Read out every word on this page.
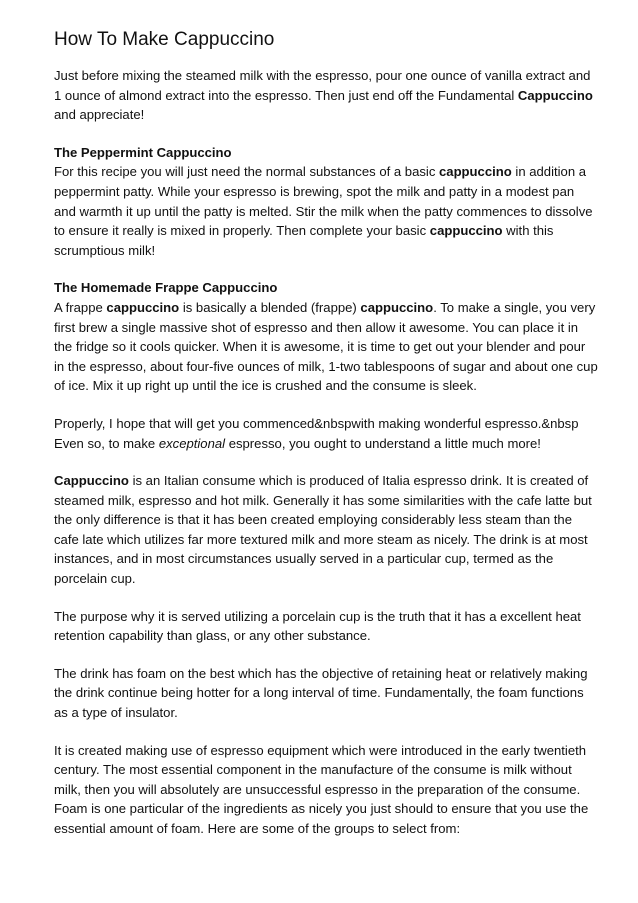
How To Make Cappuccino

Just before mixing the steamed milk with the espresso, pour one ounce of vanilla extract and 1 ounce of almond extract into the espresso. Then just end off the Fundamental Cappuccino and appreciate!

The Peppermint Cappuccino
For this recipe you will just need the normal substances of a basic cappuccino in addition a peppermint patty. While your espresso is brewing, spot the milk and patty in a modest pan and warmth it up until the patty is melted. Stir the milk when the patty commences to dissolve to ensure it really is mixed in properly. Then complete your basic cappuccino with this scrumptious milk!

The Homemade Frappe Cappuccino
A frappe cappuccino is basically a blended (frappe) cappuccino. To make a single, you very first brew a single massive shot of espresso and then allow it awesome. You can place it in the fridge so it cools quicker. When it is awesome, it is time to get out your blender and pour in the espresso, about four-five ounces of milk, 1-two tablespoons of sugar and about one cup of ice. Mix it up right up until the ice is crushed and the consume is sleek.

Properly, I hope that will get you commenced&nbspwith making wonderful espresso.&nbsp Even so, to make exceptional espresso, you ought to understand a little much more!

Cappuccino is an Italian consume which is produced of Italia espresso drink. It is created of steamed milk, espresso and hot milk. Generally it has some similarities with the cafe latte but the only difference is that it has been created employing considerably less steam than the cafe late which utilizes far more textured milk and more steam as nicely. The drink is at most instances, and in most circumstances usually served in a particular cup, termed as the porcelain cup.

The purpose why it is served utilizing a porcelain cup is the truth that it has a excellent heat retention capability than glass, or any other substance.

The drink has foam on the best which has the objective of retaining heat or relatively making the drink continue being hotter for a long interval of time. Fundamentally, the foam functions as a type of insulator.

It is created making use of espresso equipment which were introduced in the early twentieth century. The most essential component in the manufacture of the consume is milk without milk, then you will absolutely are unsuccessful espresso in the preparation of the consume. Foam is one particular of the ingredients as nicely you just should to ensure that you use the essential amount of foam. Here are some of the groups to select from:
